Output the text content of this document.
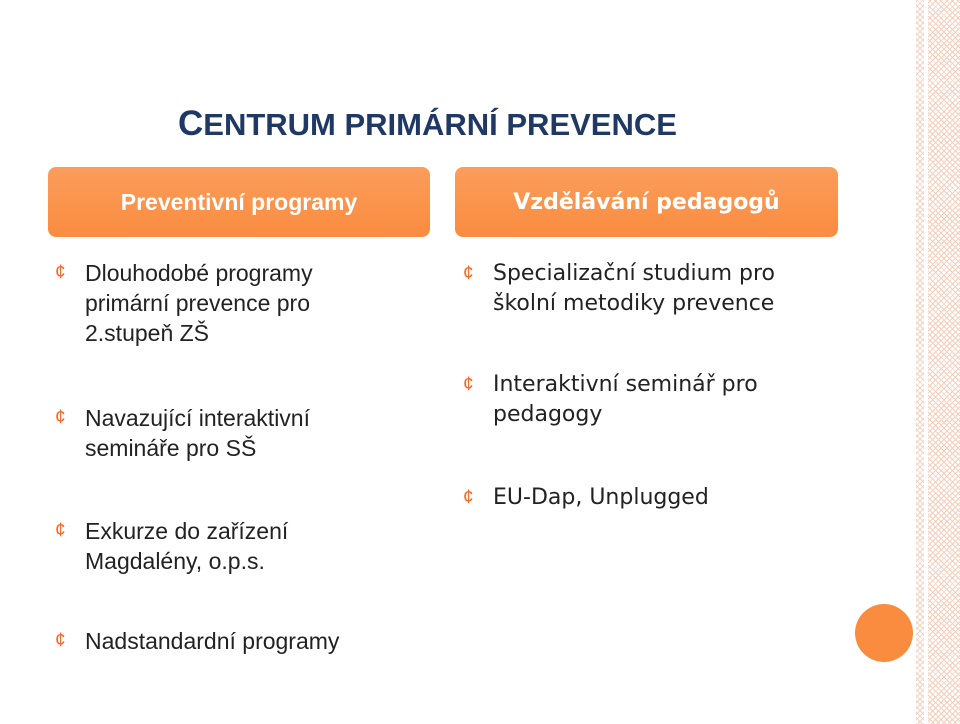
CENTRUM PRIMÁRNÍ PREVENCE
Preventivní programy	Vzdělávání pedagogů
¢ Dlouhodobé programy
primární prevence pro
2.stupeň ZŠ
¢ Navazující interaktivní
semináře pro SŠ
¢ Exkurze do zařízení
Magdalény, o.p.s.
¢ Specializační studium pro
školní metodiky prevence
¢ Interaktivní seminář pro
pedagogy
¢ EU-Dap, Unplugged
¢ Nadstandardní programy
